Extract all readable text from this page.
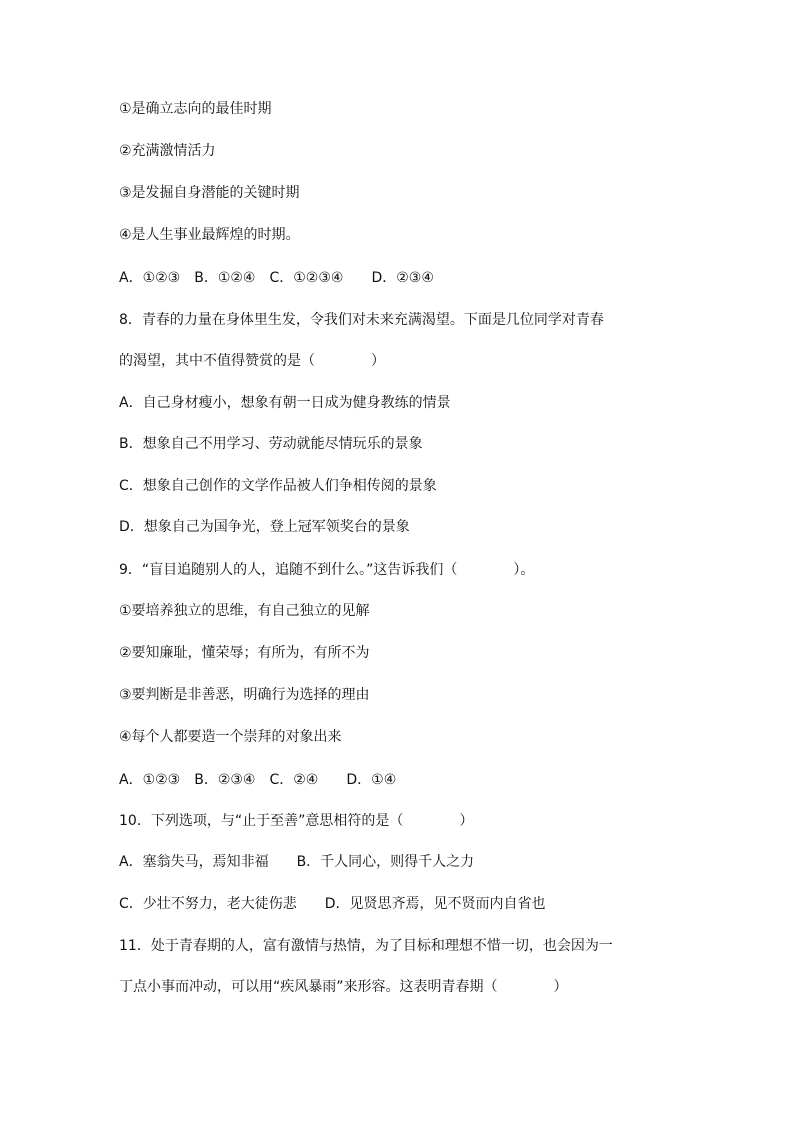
①是确立志向的最佳时期
②充满激情活力
③是发掘自身潜能的关键时期
④是人生事业最辉煌的时期。
A．①②③　B．①②④　C．①②③④　　D．②③④
8．青春的力量在身体里生发，令我们对未来充满渴望。下面是几位同学对青春
的渴望，其中不值得赞赏的是（　　　　）
A．自己身材瘦小，想象有朝一日成为健身教练的情景
B．想象自己不用学习、劳动就能尽情玩乐的景象
C．想象自己创作的文学作品被人们争相传阅的景象
D．想象自己为国争光，登上冠军领奖台的景象
9．“盲目追随别人的人，追随不到什么。”这告诉我们（　　　　）。
①要培养独立的思维，有自己独立的见解
②要知廉耻，懂荣辱；有所为，有所不为
③要判断是非善恶，明确行为选择的理由
④每个人都要造一个崇拜的对象出来
A．①②③　B．②③④　C．②④　　D．①④
10．下列选项，与“止于至善”意思相符的是（　　　　）
A．塞翁失马，焉知非福　　B．千人同心，则得千人之力
C．少壮不努力，老大徒伤悲　　D．见贤思齐焉，见不贤而内自省也
11．处于青春期的人，富有激情与热情，为了目标和理想不惜一切，也会因为一
丁点小事而冲动，可以用“疾风暴雨”来形容。这表明青春期（　　　　）
